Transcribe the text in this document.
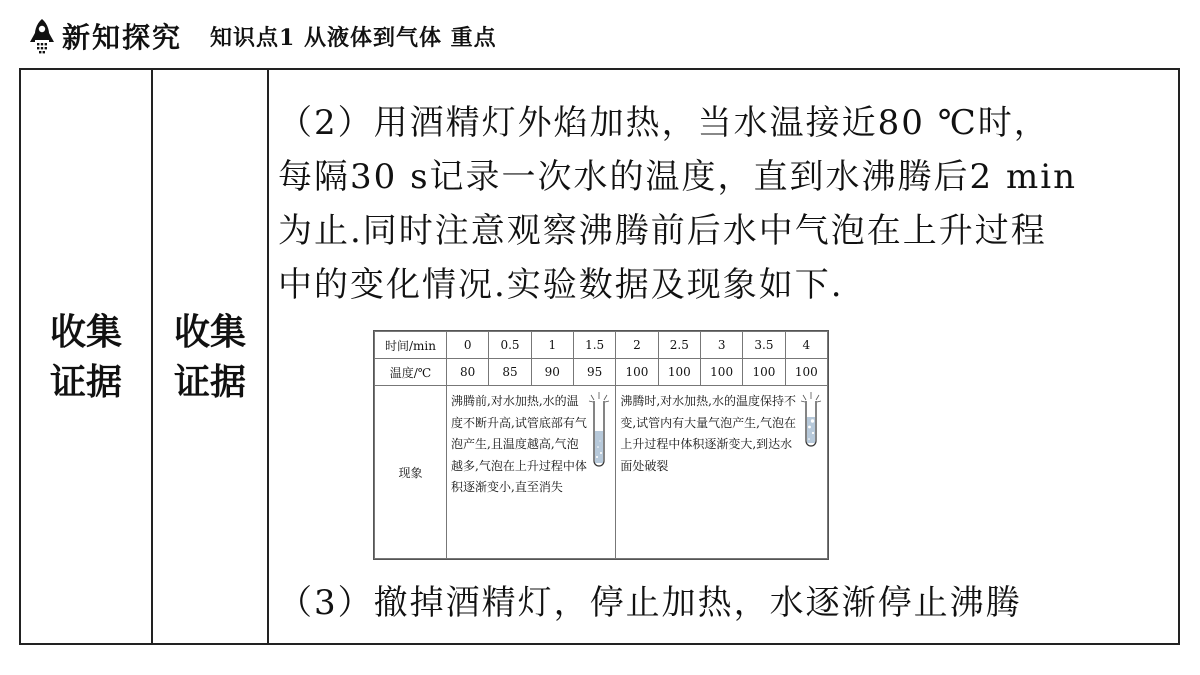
新知探究 知识点1 从液体到气体 重点
收集
证据
收集
证据

（2）用酒精灯外焰加热，当水温接近80 ℃时，

每隔30 s记录一次水的温度，直到水沸腾后2 min

为止.同时注意观察沸腾前后水中气泡在上升过程

中的变化情况.实验数据及现象如下.

时间/min	0	0.5	1	1.5	2	2.5	3	3.5	4
温度/℃	80	85	90	95	100	100	100	100	100
现象	沸腾前,对水加热,水的温度不断升高,试管底部有气泡产生,且温度越高,气泡越多,气泡在上升过程中体积逐渐变小,直至消失				沸腾时,对水加热,水的温度保持不变,试管内有大量气泡产生,气泡在上升过程中体积逐渐变大,到达水面处破裂				
（3）撤掉酒精灯，停止加热，水逐渐停止沸腾
